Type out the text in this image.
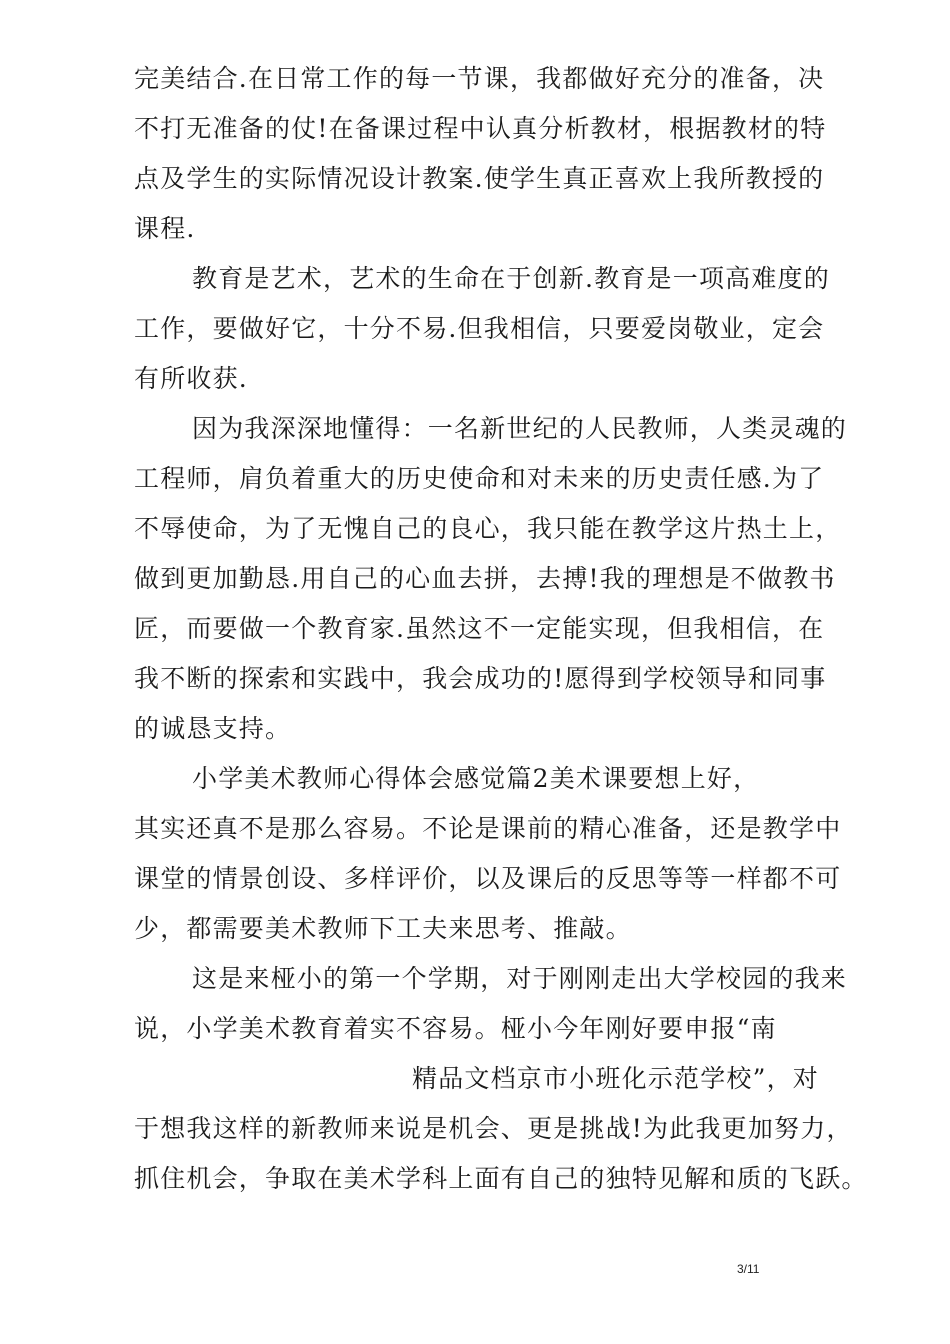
完美结合.在日常工作的每一节课，我都做好充分的准备，决
不打无准备的仗!在备课过程中认真分析教材，根据教材的特
点及学生的实际情况设计教案.使学生真正喜欢上我所教授的
课程.
教育是艺术，艺术的生命在于创新.教育是一项高难度的
工作，要做好它，十分不易.但我相信，只要爱岗敬业，定会
有所收获.
因为我深深地懂得：一名新世纪的人民教师，人类灵魂的
工程师，肩负着重大的历史使命和对未来的历史责任感.为了
不辱使命，为了无愧自己的良心，我只能在教学这片热土上，
做到更加勤恳.用自己的心血去拼，去搏!我的理想是不做教书
匠，而要做一个教育家.虽然这不一定能实现，但我相信，在
我不断的探索和实践中，我会成功的!愿得到学校领导和同事
的诚恳支持。
小学美术教师心得体会感觉篇2美术课要想上好，
其实还真不是那么容易。不论是课前的精心准备，还是教学中
课堂的情景创设、多样评价，以及课后的反思等等一样都不可
少，都需要美术教师下工夫来思考、推敲。
这是来桠小的第一个学期，对于刚刚走出大学校园的我来
说，小学美术教育着实不容易。桠小今年刚好要申报“南
精品文档京市小班化示范学校”，对
于想我这样的新教师来说是机会、更是挑战!为此我更加努力，
抓住机会，争取在美术学科上面有自己的独特见解和质的飞跃。
3/11
